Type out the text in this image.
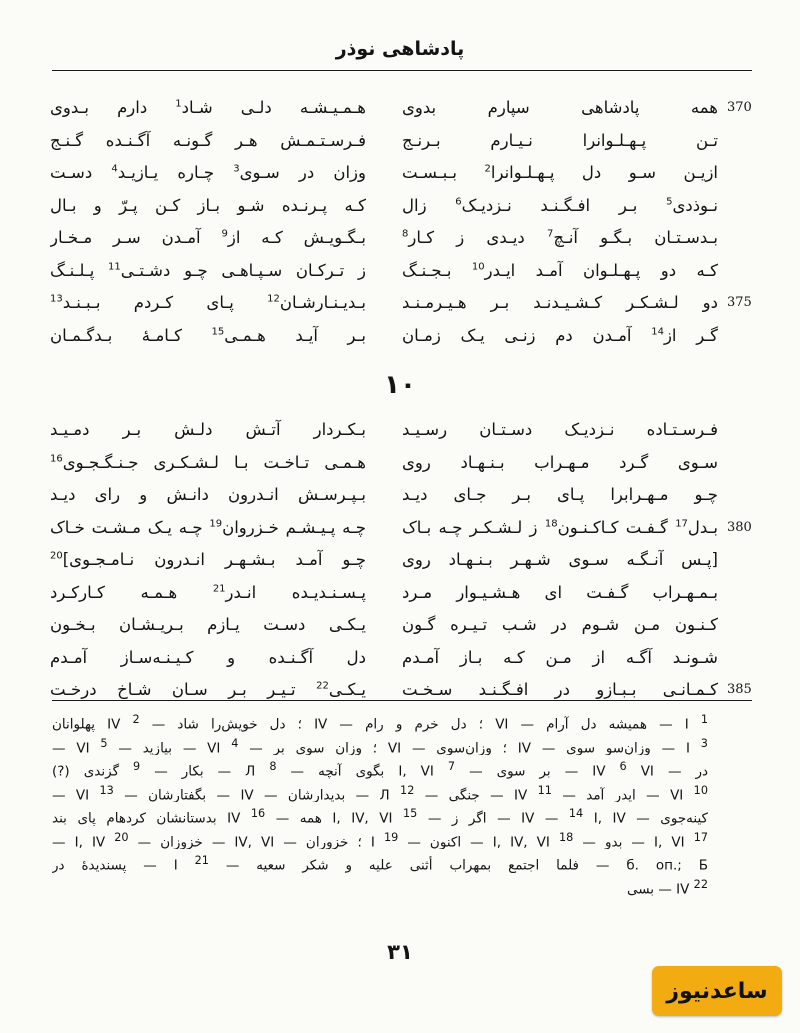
پادشاهی نوذر
370
همه پادشاهی سپارم بدوی
هـمـیـشـه دلـی شـاد$^1$ دارم بـدوی
تـن پـهـلـوانرا نـیـارم بـرنـج
فـرسـتـمـش هـر گـونـه آگـنـده گـنـج
ازیـن سـو دل پـهـلـوانرا$^2$ بـبـسـت
وزان در سـوی$^3$ چـاره یـازیـد$^4$ دسـت
نـوذدی$^5$ بـر افـگـنـد نـزدیـک$^6$ زال
کـه پـرنـده شـو بـاز کـن پـرّ و بـال
بـدسـتـان بـگـو آنـچ$^7$ دیـدی ز کـار$^8$
بـگـویـش کـه از$^9$ آمـدن سـر مـخـار
کـه دو پـهـلـوان آمـد ایـدر$^{10}$ بـجـنـگ
ز تـرکـان سـپـاهـی چـو دشـتـی$^{11}$ پـلـنـگ
375
دو لـشـکـر کـشـیـدنـد بـر هـیـرمـنـد
بـدیـنـارشـان$^{12}$ پـای کـردم بـبـنـد$^{13}$
گـر از$^{14}$ آمـدن دم زنـی یـک زمـان
بـر آیـد هـمـی$^{15}$ کـامـهٔ بـدگـمـان
۱۰
فـرسـتـاده نـزدیـک دسـتـان رسـیـد
بـکـردار آتـش دلـش بـر دمـیـد
سـوی گـرد مـهـراب بـنـهـاد روی
هـمـی تـاخـت بـا لـشـکـری جـنـگـجـوی$^{16}$
چـو مـهـرابرا پـای بـر جـای دیـد
بـپـرسـش انـدرون دانـش و رای دیـد
380
بـدل$^{17}$ گـفـت کـاکـنـون$^{18}$ ز لـشـکـر چـه بـاک
چـه پـیـشـم خـزروان$^{19}$ چـه یـک مـشـت خـاک
[پـس آنـگـه سـوی شـهـر بـنـهـاد روی
چـو آمـد بـشـهـر انـدرون نـامـجـوی]$^{20}$
بـمـهـراب گـفـت ای هـشـیـوار مـرد
پـسـنـدیـده انـدر$^{21}$ هـمـه کـارکـرد
کـنـون مـن شـوم در شـب تـیـره گـون
یـکـی دسـت یـازم بـریـشـان بـخـون
شـونـد آگـه از مـن کـه بـاز آمـدم
دل آگـنـده و کـیـنـه‌سـاز آمـدم
385
کـمـانـی بـبـازو در افـگـنـد سـخـت
یـکـی$^{22}$ تـیـر بـر سـان شـاخ درخـت
$^1$ I — همیشه دل آرام — VI ؛ دل خرم و رام — IV ؛ دل خویش‌را شاد — $^2$ IV پهلوانان
$^3$ I — وزان‌سو سوی — IV ؛ وزان‌سوی — VI ؛ وزان سوی بر — $^4$ VI — بیازید — $^5$ VI —
در — IV $^6$ VI — بر سوی — $^7$ I, VI بگوی آنچه — $^8$ Л — بکار — $^9$ گزندی (?)
$^{10}$ VI — ایدر آمد — $^{11}$ IV — جنگی — $^{12}$ Л — بدیدارشان — IV — بگفتارشان — $^{13}$ VI —
کینه‌جوی — IV — $^{14}$ I, IV — اگر ز — $^{15}$ I, IV, VI همه — $^{16}$ IV بدستانشان کردهام پای بند
$^{17}$ I, VI — بدو — $^{18}$ I, IV, VI — اکنون — $^{19}$ I ؛ خزوران — IV, VI — خزوزان — $^{20}$ I, IV —
б. оп.; Б — فلما اجتمع بمهراب أثنی علیه و شکر سعیه — $^{21}$ I — پسندیدهٔ در
$^{22}$ IV — بسی
۳۱
ساعدنیوز
